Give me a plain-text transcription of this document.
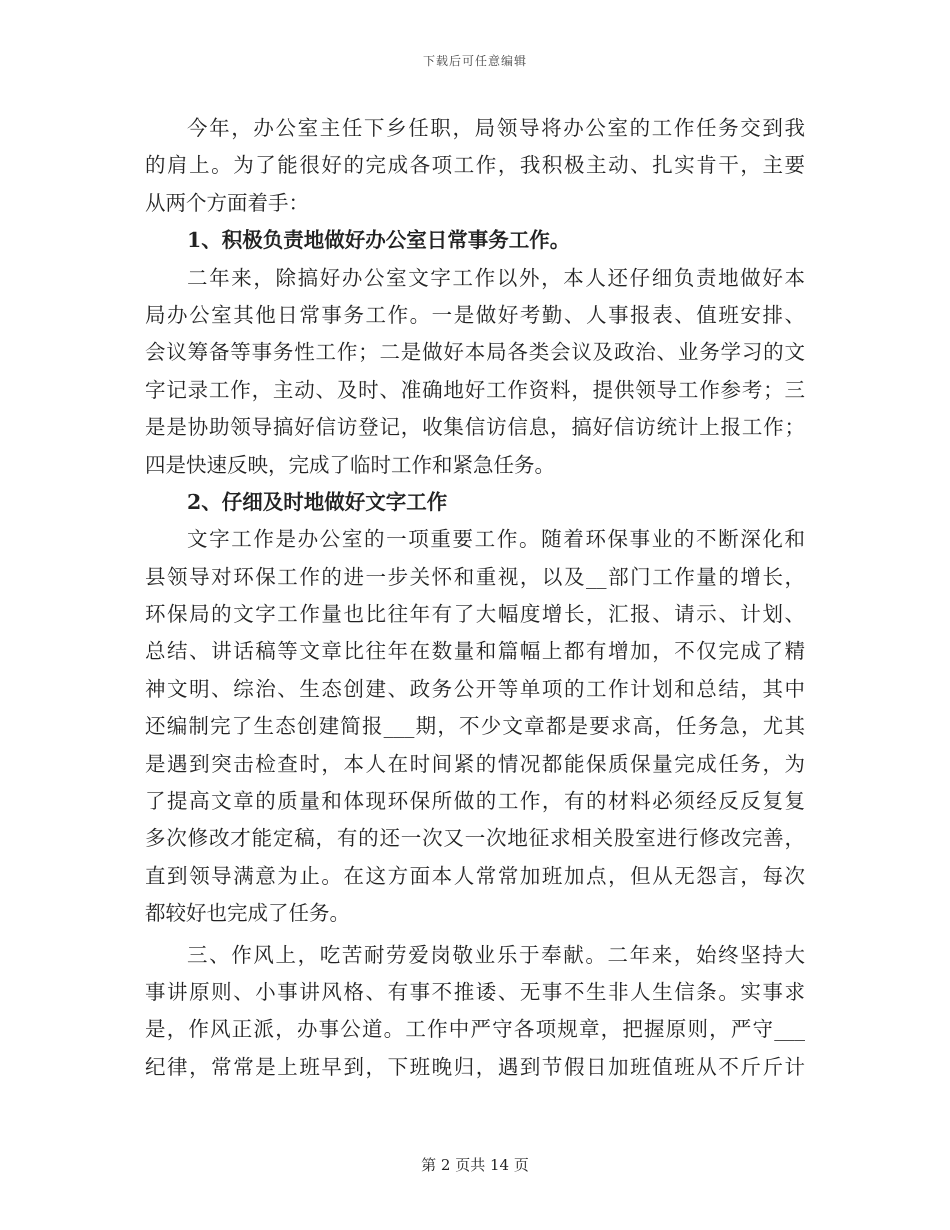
下载后可任意编辑
今年，办公室主任下乡任职，局领导将办公室的工作任务交到我
的肩上。为了能很好的完成各项工作，我积极主动、扎实肯干，主要
从两个方面着手：
1、积极负责地做好办公室日常事务工作。
二年来，除搞好办公室文字工作以外，本人还仔细负责地做好本
局办公室其他日常事务工作。一是做好考勤、人事报表、值班安排、
会议筹备等事务性工作；二是做好本局各类会议及政治、业务学习的文
字记录工作，主动、及时、准确地好工作资料，提供领导工作参考；三
是是协助领导搞好信访登记，收集信访信息，搞好信访统计上报工作；
四是快速反映，完成了临时工作和紧急任务。
2、仔细及时地做好文字工作
文字工作是办公室的一项重要工作。随着环保事业的不断深化和
县领导对环保工作的进一步关怀和重视，以及__部门工作量的增长，
环保局的文字工作量也比往年有了大幅度增长，汇报、请示、计划、
总结、讲话稿等文章比往年在数量和篇幅上都有增加，不仅完成了精
神文明、综治、生态创建、政务公开等单项的工作计划和总结，其中
还编制完了生态创建简报___期，不少文章都是要求高，任务急，尤其
是遇到突击检查时，本人在时间紧的情况都能保质保量完成任务，为
了提高文章的质量和体现环保所做的工作，有的材料必须经反反复复
多次修改才能定稿，有的还一次又一次地征求相关股室进行修改完善，
直到领导满意为止。在这方面本人常常加班加点，但从无怨言，每次
都较好也完成了任务。
三、作风上，吃苦耐劳爱岗敬业乐于奉献。二年来，始终坚持大
事讲原则、小事讲风格、有事不推诿、无事不生非人生信条。实事求
是，作风正派，办事公道。工作中严守各项规章，把握原则，严守___
纪律，常常是上班早到，下班晚归，遇到节假日加班值班从不斤斤计
第 2 页共 14 页
